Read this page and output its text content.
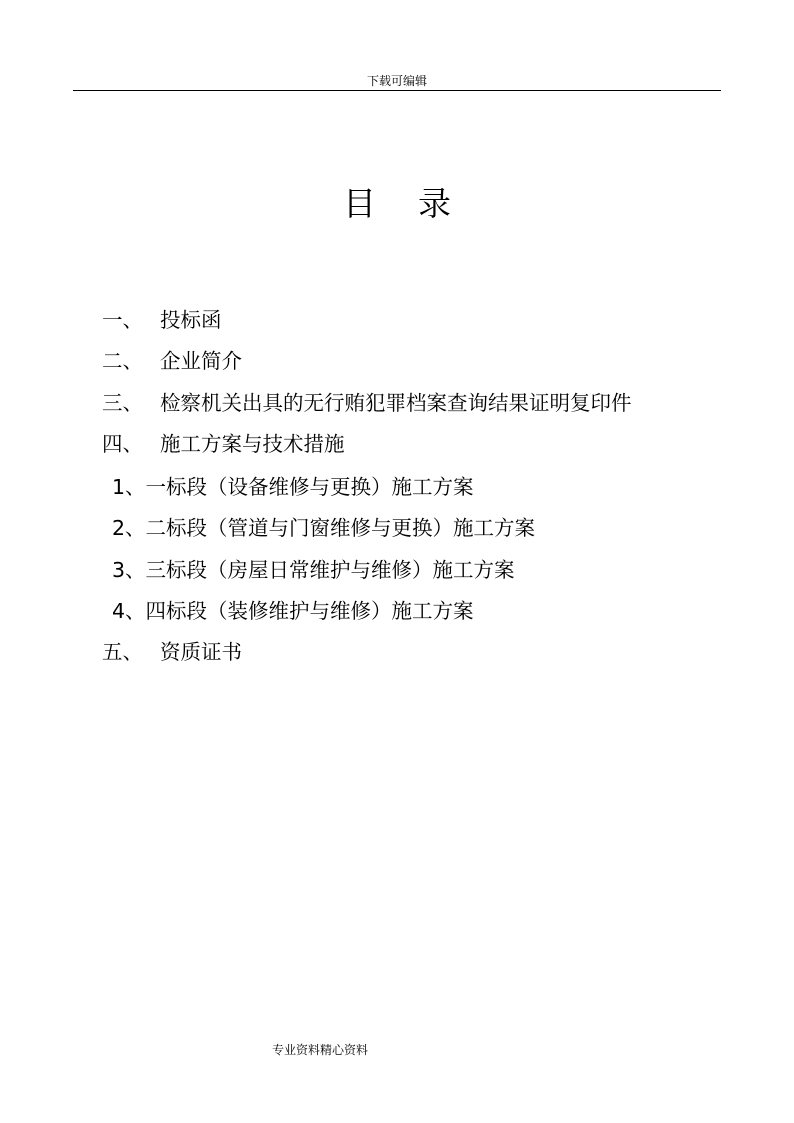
下载可编辑
目 录
一、 投标函
二、 企业简介
三、 检察机关出具的无行贿犯罪档案查询结果证明复印件
四、 施工方案与技术措施
1、一标段（设备维修与更换）施工方案
2、二标段（管道与门窗维修与更换）施工方案
3、三标段（房屋日常维护与维修）施工方案
4、四标段（装修维护与维修）施工方案
五、 资质证书
专业资料精心资料
